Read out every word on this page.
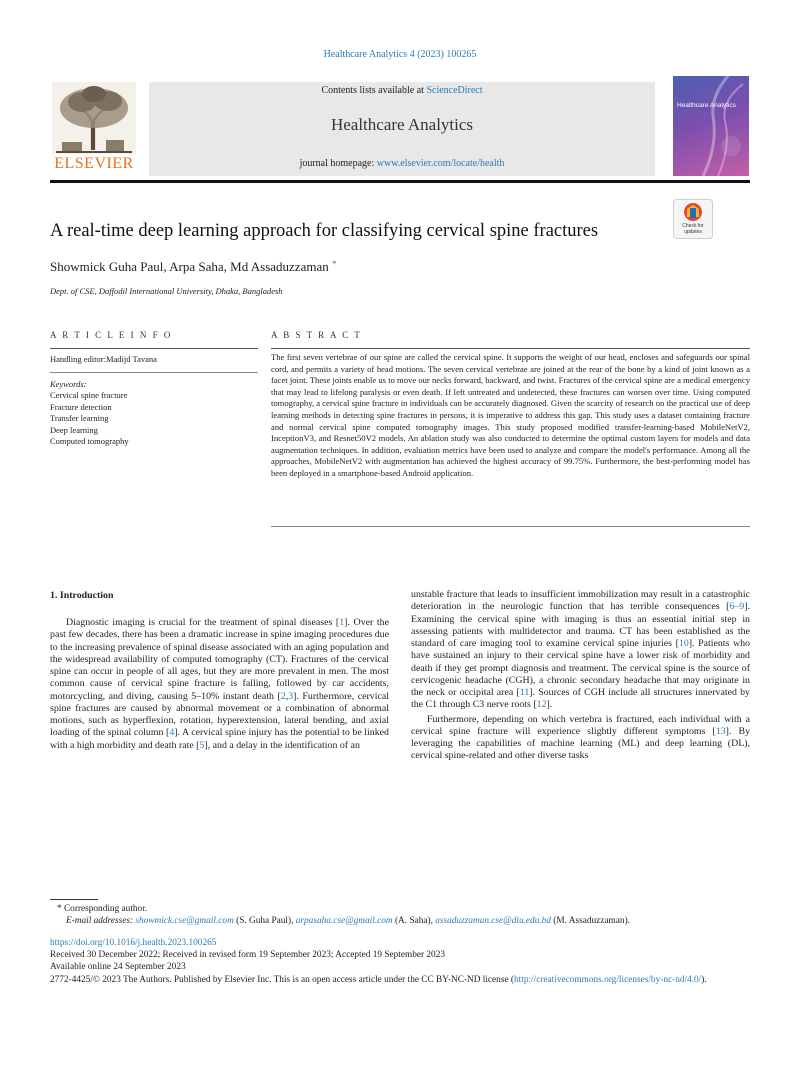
Healthcare Analytics 4 (2023) 100265
Contents lists available at ScienceDirect
Healthcare Analytics
journal homepage: www.elsevier.com/locate/health
ELSEVIER
Healthcare Analytics
A real-time deep learning approach for classifying cervical spine fractures	Check for
updates
Showmick Guha Paul, Arpa Saha, Md Assaduzzaman *
Dept. of CSE, Daffodil International University, Dhaka, Bangladesh
A R T I C L E I N F O
Handling editor:Madijd Tavana
Keywords:
Cervical spine fracture
Fracture detection
Transfer learning
Deep learning
Computed tomography
A B S T R A C T

The first seven vertebrae of our spine are called the cervical spine. It supports the weight of our head, encloses and safeguards our spinal cord, and permits a variety of head motions. The seven cervical vertebrae are joined at the rear of the bone by a kind of joint known as a facet joint. These joints enable us to move our necks forward, backward, and twist. Fractures of the cervical spine are a medical emergency that may lead to lifelong paralysis or even death. If left untreated and undetected, these fractures can worsen over time. Using computed tomography, a cervical spine fracture in individuals can be accurately diagnosed. Given the scarcity of research on the practical use of deep learning methods in detecting spine fractures in persons, it is imperative to address this gap. This study uses a dataset containing fracture and normal cervical spine computed tomography images. This study proposed modified transfer-learning-based MobileNetV2, InceptionV3, and Resnet50V2 models. An ablation study was also conducted to determine the optimal custom layers for models and data augmentation techniques. In addition, evaluation metrics have been used to analyze and compare the model's performance. Among all the approaches, MobileNetV2 with augmentation has achieved the highest accuracy of 99.75%. Furthermore, the best-performing model has been deployed in a smartphone-based Android application.

1. Introduction

Diagnostic imaging is crucial for the treatment of spinal diseases [1]. Over the past few decades, there has been a dramatic increase in spine imaging procedures due to the increasing prevalence of spinal disease associated with an aging population and the widespread availability of computed tomography (CT). Fractures of the cervical spine can occur in people of all ages, but they are more prevalent in men. The most common cause of cervical spine fracture is falling, followed by car accidents, motorcycling, and diving, causing 5–10% instant death [2,3]. Furthermore, cervical spine fractures are caused by abnormal movement or a combination of abnormal motions, such as hyperflexion, rotation, hyperextension, lateral bending, and axial loading of the spinal column [4]. A cervical spine injury has the potential to be linked with a high morbidity and death rate [5], and a delay in the identification of an

unstable fracture that leads to insufficient immobilization may result in a catastrophic deterioration in the neurologic function that has terrible consequences [6–9]. Examining the cervical spine with imaging is thus an essential initial step in assessing patients with multidetector and trauma. CT has been established as the standard of care imaging tool to examine cervical spine injuries [10]. Patients who have sustained an injury to their cervical spine have a lower risk of morbidity and death if they get prompt diagnosis and treatment. The cervical spine is the source of cervicogenic headache (CGH), a chronic secondary headache that may originate in the neck or occipital area [11]. Sources of CGH include all structures innervated by the C1 through C3 nerve roots [12].

Furthermore, depending on which vertebra is fractured, each individual with a cervical spine fracture will experience slightly different symptoms [13]. By leveraging the capabilities of machine learning (ML) and deep learning (DL), cervical spine-related and other diverse tasks

* Corresponding author.
E-mail addresses: showmick.cse@gmail.com (S. Guha Paul), arpasaha.cse@gmail.com (A. Saha), assaduzzaman.cse@diu.edu.bd (M. Assaduzzaman).
https://doi.org/10.1016/j.health.2023.100265
Received 30 December 2022; Received in revised form 19 September 2023; Accepted 19 September 2023
Available online 24 September 2023
2772-4425/© 2023 The Authors. Published by Elsevier Inc. This is an open access article under the CC BY-NC-ND license (http://creativecommons.org/licenses/by-nc-nd/4.0/).
